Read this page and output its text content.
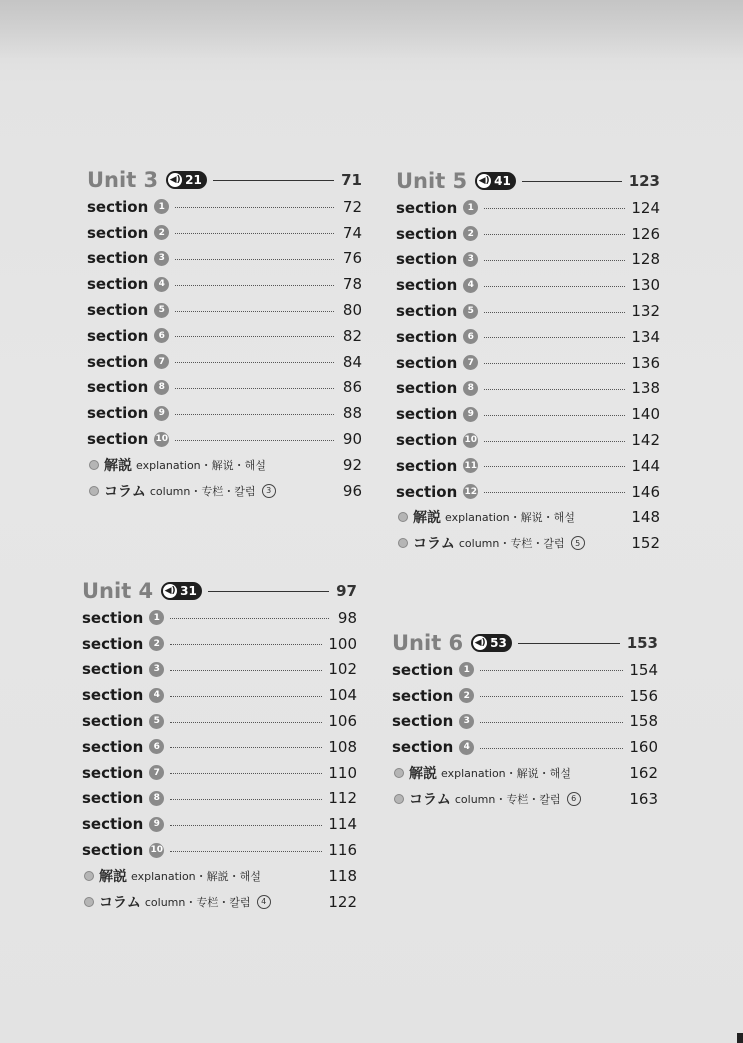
Unit 3 ◀) 21	71
section	1	72
section	2	74
section	3	76
section	4	78
section	5	80
section	6	82
section	7	84
section	8	86
section	9	88
section 10	90
解説 explanation・解说・해설	92
コラム column・专栏・칼럼	3	96
Unit 4 ◀) 31	97
section	1	98
section	2	100
section	3	102
section	4	104
section	5	106
section	6	108
section	7	110
section	8	112
section	9	114
section 10	116
解説 explanation・解説・해설	118
コラム column・专栏・칼럼	4	122
Unit 5 ◀) 41	123
section	1	124
section	2	126
section	3	128
section	4	130
section	5	132
section	6	134
section	7	136
section	8	138
section	9	140
section 10	142
section 11	144
section 12	146
解説 explanation・解说・해설	148
コラム column・专栏・갈럼	5	152
Unit 6 ◀) 53	153
section	1	154
section	2	156
section	3	158
section	4	160
解説 explanation・解说・해설	162
コラム column・专栏・칼럼	6	163
